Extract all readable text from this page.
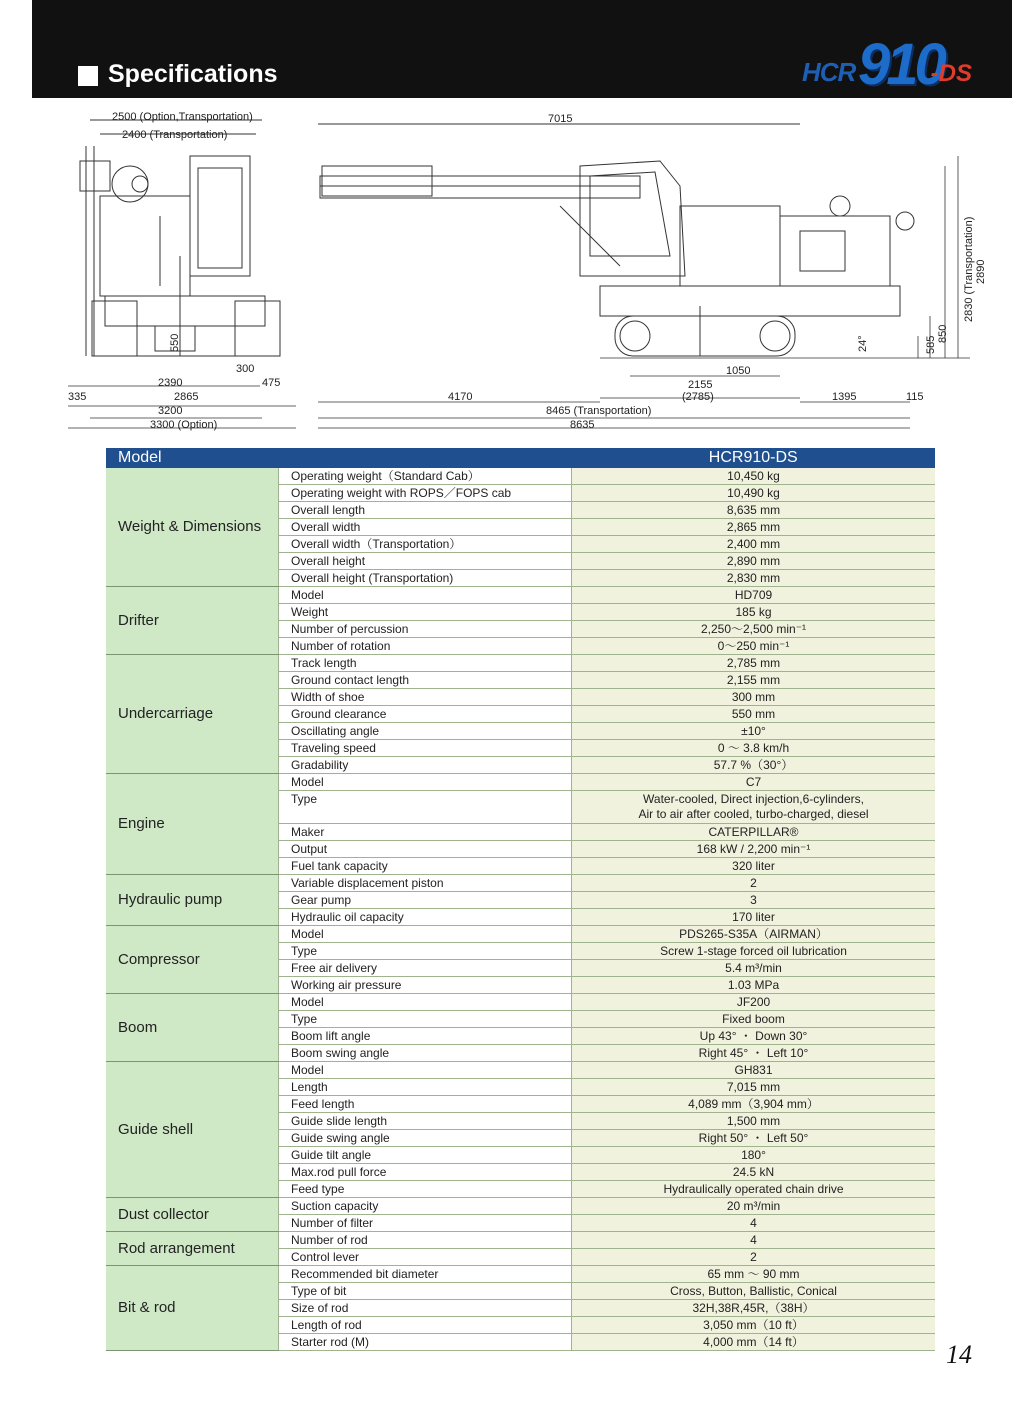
Specifications	HCR 910
-DS
2500 (Option,Transportation)
2400 (Transportation)
550
300
475
335
2390
2865
3200
3300 (Option)
7015
4170
1050
2155
(2785)	1395	115
8465 (Transportation)
8635
24°	585
850
2830 (Transportation) 2890
Model		HCR910-DS
Weight & Dimensions	Operating weight（Standard Cab）	10,450 kg
	Operating weight with ROPS／FOPS cab	10,490 kg
	Overall length	8,635 mm
	Overall width	2,865 mm
	Overall width（Transportation）	2,400 mm
	Overall height	2,890 mm
	Overall height (Transportation)	2,830 mm
Drifter	Model	HD709
	Weight	185 kg
	Number of percussion	2,250～2,500 min⁻¹
	Number of rotation	0～250 min⁻¹
Undercarriage	Track length	2,785 mm
	Ground contact length	2,155 mm
	Width of shoe	300 mm
	Ground clearance	550 mm
	Oscillating angle	±10°
	Traveling speed	0 ～ 3.8 km/h
	Gradability	57.7 %（30°）
Engine	Model	C7
	Type	Water-cooled, Direct injection,6-cylinders,
Air to air after cooled, turbo-charged, diesel
	Maker	CATERPILLAR®
	Output	168 kW / 2,200 min⁻¹
	Fuel tank capacity	320 liter
Hydraulic pump	Variable displacement piston	2
	Gear pump	3
	Hydraulic oil capacity	170 liter
Compressor	Model	PDS265-S35A（AIRMAN）
	Type	Screw 1-stage forced oil lubrication
	Free air delivery	5.4 m³/min
	Working air pressure	1.03 MPa
Boom	Model	JF200
	Type	Fixed boom
	Boom lift angle	Up 43° ・ Down 30°
	Boom swing angle	Right 45° ・ Left 10°
Guide shell	Model	GH831
	Length	7,015 mm
	Feed length	4,089 mm（3,904 mm）
	Guide slide length	1,500 mm
	Guide swing angle	Right 50° ・ Left 50°
	Guide tilt angle	180°
	Max.rod pull force	24.5 kN
	Feed type	Hydraulically operated chain drive
Dust collector	Suction capacity	20 m³/min
	Number of filter	4
Rod arrangement	Number of rod	4
	Control lever	2
Bit & rod	Recommended bit diameter	65 mm ～ 90 mm
	Type of bit	Cross, Button, Ballistic, Conical
	Size of rod	32H,38R,45R,（38H）
	Length of rod	3,050 mm（10 ft）
	Starter rod (M)	4,000 mm（14 ft）	14
